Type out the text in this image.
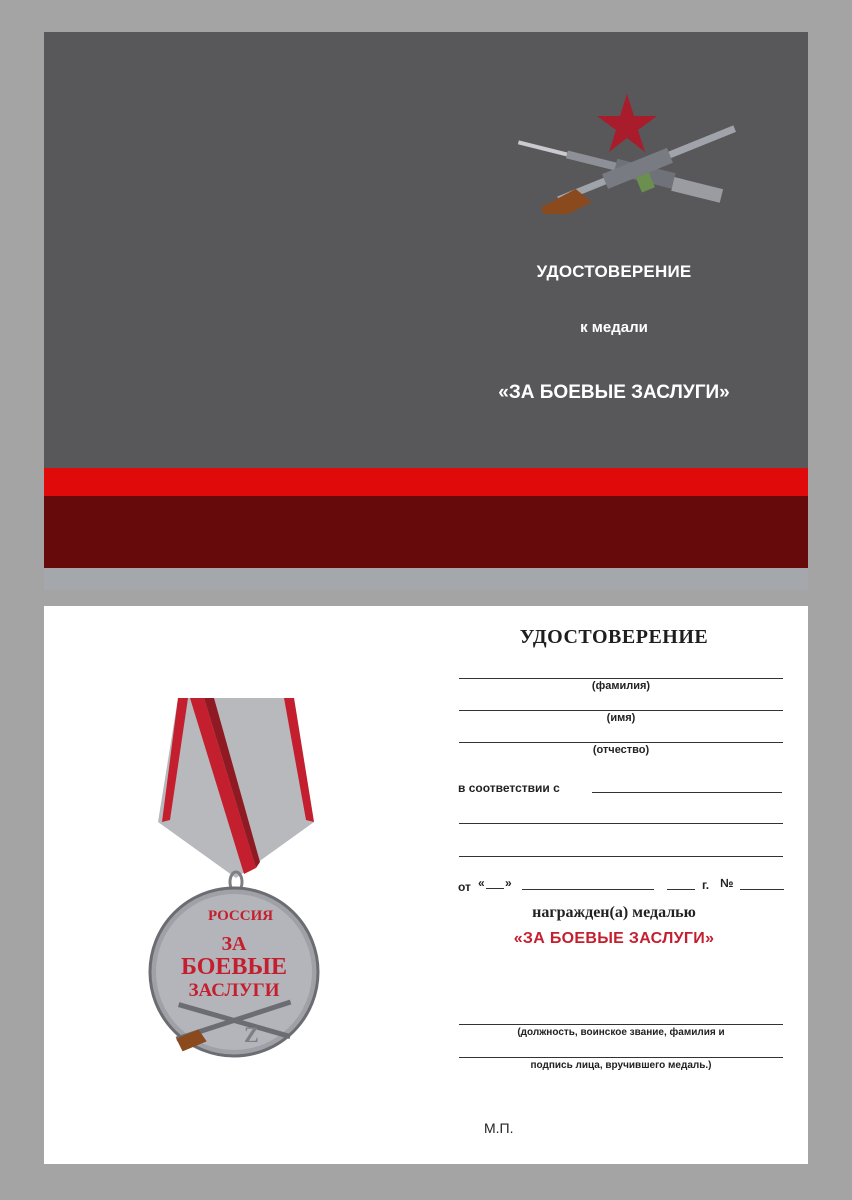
УДОСТОВЕРЕНИЕ
к медали
«ЗА БОЕВЫЕ ЗАСЛУГИ»
РОССИЯ
ЗА
БОЕВЫЕ
ЗАСЛУГИ
Z
УДОСТОВЕРЕНИЕ
(фамилия)
(имя)
(отчество)
в соответствии с
от « »	г. №
награжден(а) медалью
«ЗА БОЕВЫЕ ЗАСЛУГИ»
(должность, воинское звание, фамилия и
подпись лица, вручившего медаль.)
М.П.
